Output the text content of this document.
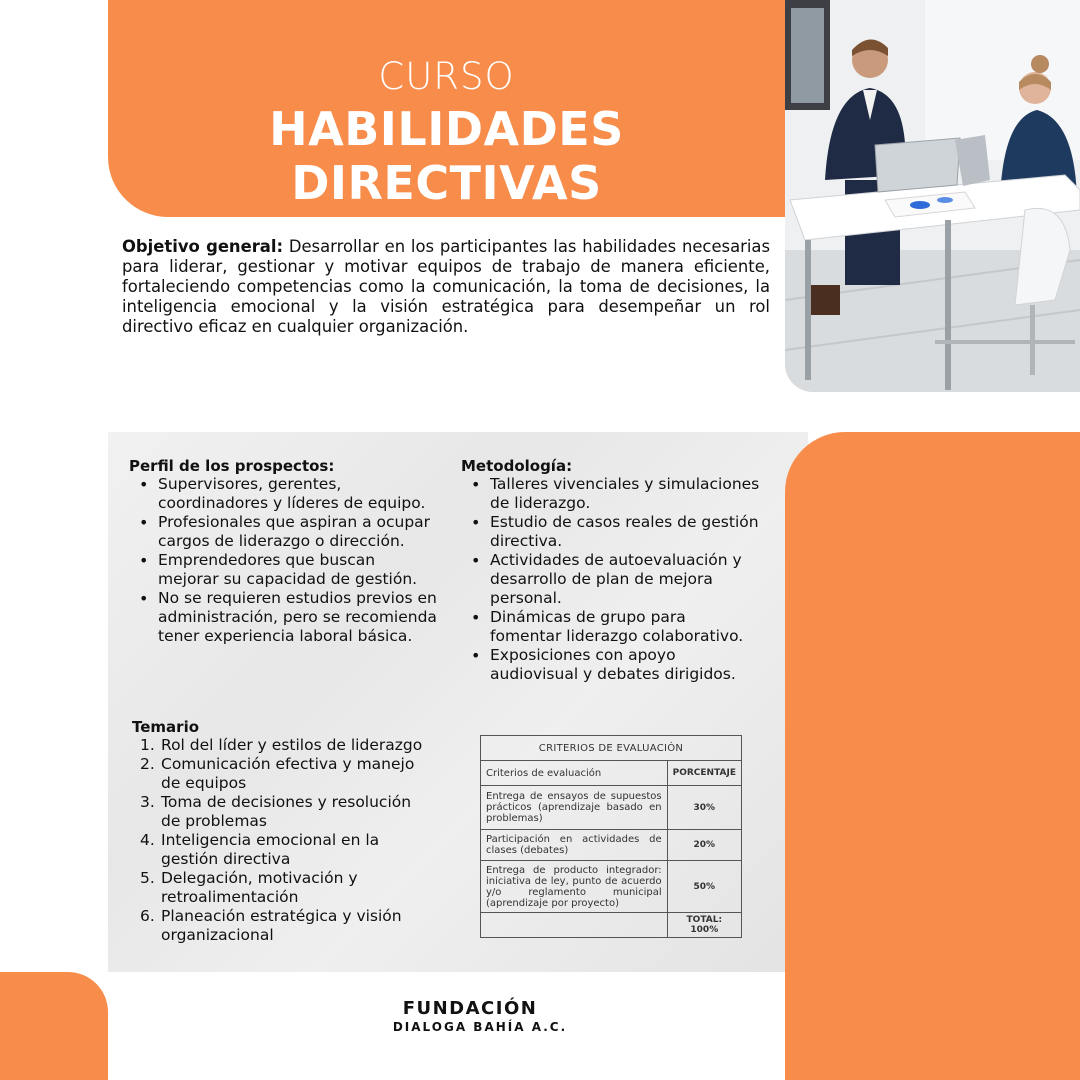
CURSO
HABILIDADES DIRECTIVAS
Objetivo general: Desarrollar en los participantes las habilidades necesarias para liderar, gestionar y motivar equipos de trabajo de manera eficiente, fortaleciendo competencias como la comunicación, la toma de decisiones, la inteligencia emocional y la visión estratégica para desempeñar un rol directivo eficaz en cualquier organización.
Perfil de los prospectos:
• Supervisores, gerentes, coordinadores y líderes de equipo.
• Profesionales que aspiran a ocupar cargos de liderazgo o dirección.
• Emprendedores que buscan mejorar su capacidad de gestión.
• No se requieren estudios previos en administración, pero se recomienda tener experiencia laboral básica.
Metodología:
• Talleres vivenciales y simulaciones de liderazgo.
• Estudio de casos reales de gestión directiva.
• Actividades de autoevaluación y desarrollo de plan de mejora personal.
• Dinámicas de grupo para fomentar liderazgo colaborativo.
• Exposiciones con apoyo audiovisual y debates dirigidos.
Temario
1. Rol del líder y estilos de liderazgo
2. Comunicación efectiva y manejo de equipos
3. Toma de decisiones y resolución de problemas
4. Inteligencia emocional en la gestión directiva
5. Delegación, motivación y retroalimentación
6. Planeación estratégica y visión organizacional
CRITERIOS DE EVALUACIÓN	
Criterios de evaluación	PORCENTAJE
Entrega de ensayos de supuestos prácticos (aprendizaje basado en problemas)	30%
Participación en actividades de clases (debates)	20%
Entrega de producto integrador: iniciativa de ley, punto de acuerdo y/o reglamento municipal (aprendizaje por proyecto)	50%
	TOTAL: 100%
FUNDACIÓN
DIALOGA BAHÍA A.C.
